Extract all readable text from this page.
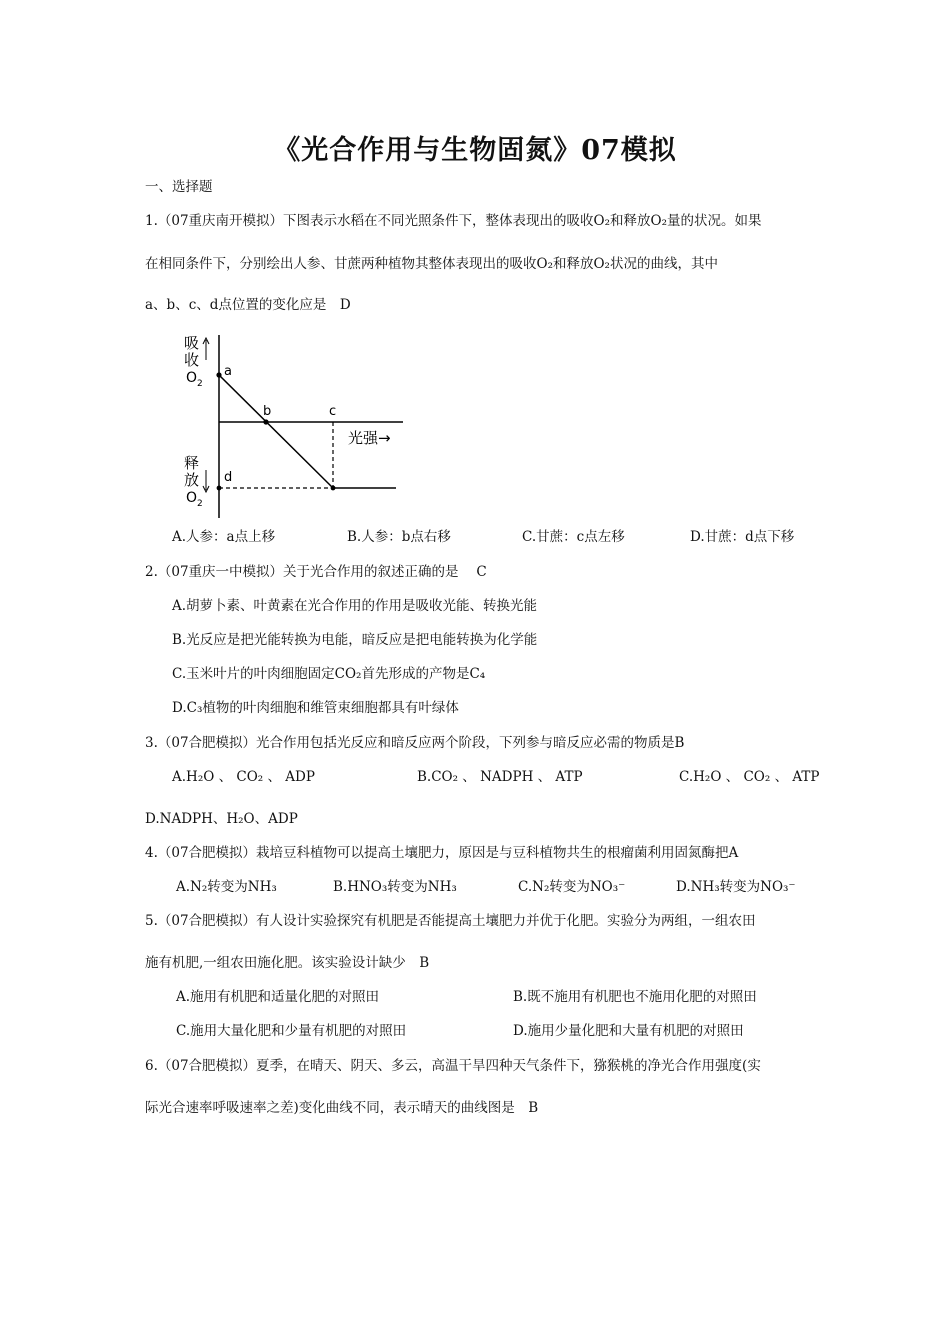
《光合作用与生物固氮》07模拟
一、选择题
1.（07重庆南开模拟）下图表示水稻在不同光照条件下，整体表现出的吸收O₂和释放O₂量的状况。如果
在相同条件下，分别绘出人参、甘蔗两种植物其整体表现出的吸收O₂和释放O₂状况的曲线，其中
a、b、c、d点位置的变化应是　D
吸
收
O 2
释
放
O 2
a
b	c
d
光强→
A.人参：a点上移	B.人参：b点右移	C.甘蔗：c点左移	D.甘蔗：d点下移
2.（07重庆一中模拟）关于光合作用的叙述正确的是　 C
A.胡萝卜素、叶黄素在光合作用的作用是吸收光能、转换光能
B.光反应是把光能转换为电能，暗反应是把电能转换为化学能
C.玉米叶片的叶肉细胞固定CO₂首先形成的产物是C₄
D.C₃植物的叶肉细胞和维管束细胞都具有叶绿体
3.（07合肥模拟）光合作用包括光反应和暗反应两个阶段，下列参与暗反应必需的物质是B
A.H₂O 、 CO₂ 、 ADP	B.CO₂ 、 NADPH 、 ATP	C.H₂O 、 CO₂ 、 ATP
D.NADPH、H₂O、ADP
4.（07合肥模拟）栽培豆科植物可以提高土壤肥力，原因是与豆科植物共生的根瘤菌利用固氮酶把A
A.N₂转变为NH₃	B.HNO₃转变为NH₃	C.N₂转变为NO₃⁻	D.NH₃转变为NO₃⁻
5.（07合肥模拟）有人设计实验探究有机肥是否能提高土壤肥力并优于化肥。实验分为两组，一组农田
施有机肥,一组农田施化肥。该实验设计缺少　B
A.施用有机肥和适量化肥的对照田	B.既不施用有机肥也不施用化肥的对照田
C.施用大量化肥和少量有机肥的对照田	D.施用少量化肥和大量有机肥的对照田
6.（07合肥模拟）夏季，在晴天、阴天、多云，高温干旱四种天气条件下，猕猴桃的净光合作用强度(实
际光合速率呼吸速率之差)变化曲线不同，表示晴天的曲线图是　B
